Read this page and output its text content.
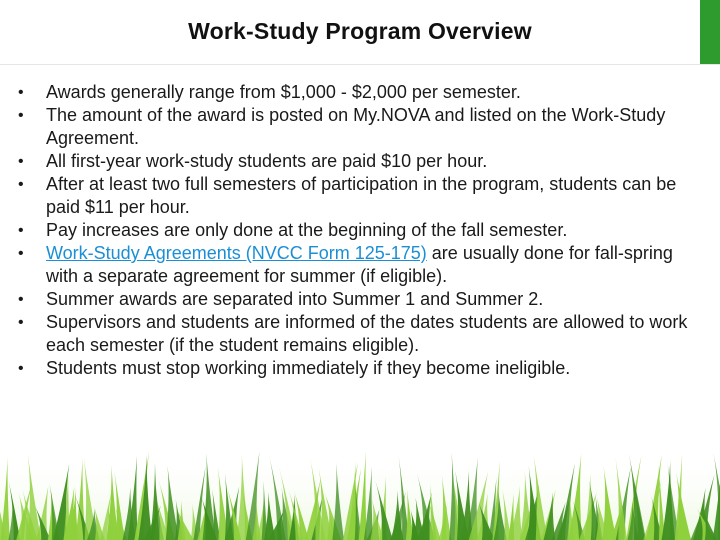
Work-Study Program Overview
• Awards generally range from $1,000 - $2,000 per semester.
• The amount of the award is posted on My.NOVA and listed on the Work-Study Agreement.
• All first-year work-study students are paid $10 per hour.
• After at least two full semesters of participation in the program, students can be paid $11 per hour.
• Pay increases are only done at the beginning of the fall semester.
• Work-Study Agreements (NVCC Form 125-175) are usually done for fall-spring with a separate agreement for summer (if eligible).
• Summer awards are separated into Summer 1 and Summer 2.
• Supervisors and students are informed of the dates students are allowed to work each semester (if the student remains eligible).
• Students must stop working immediately if they become ineligible.
